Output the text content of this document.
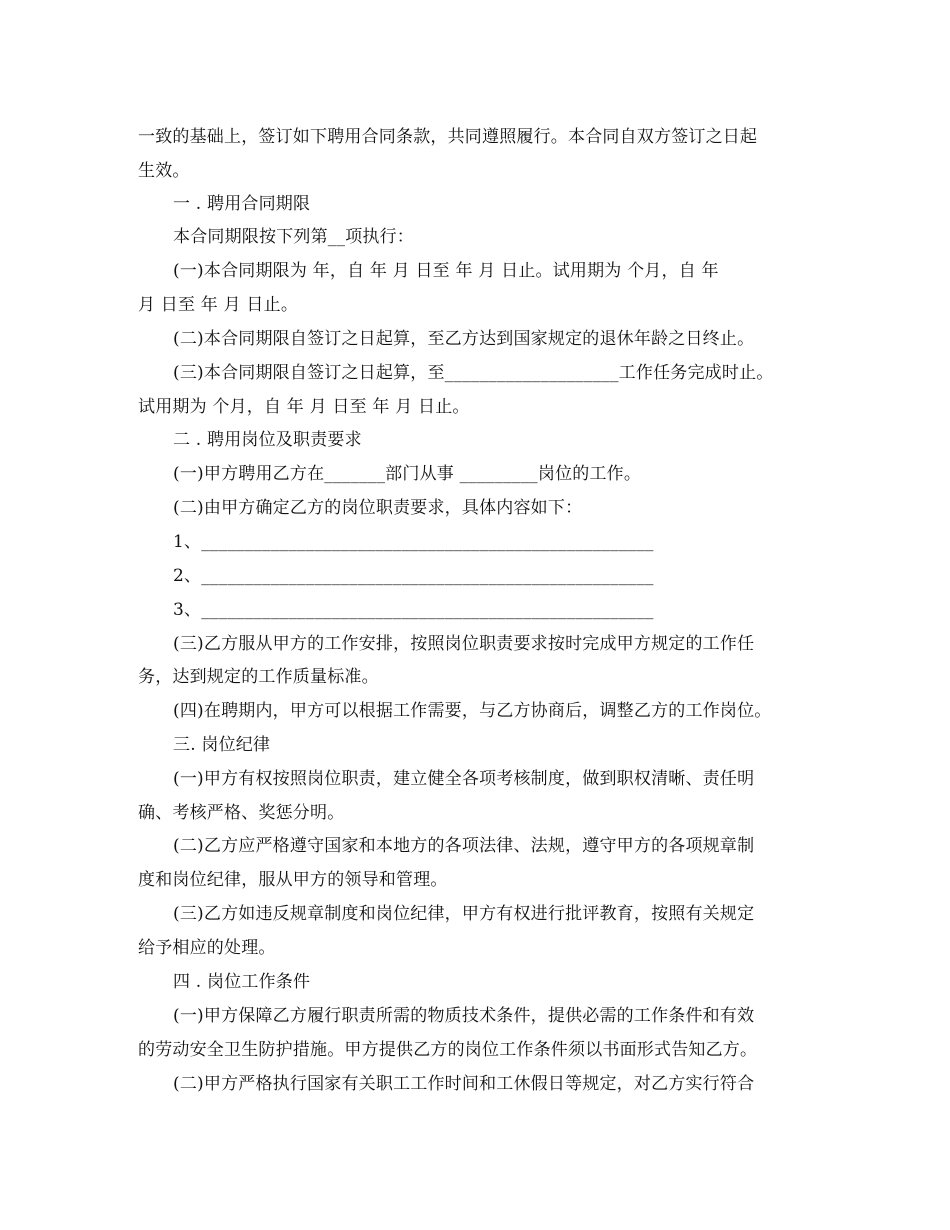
一致的基础上，签订如下聘用合同条款，共同遵照履行。本合同自双方签订之日起
生效。
一 . 聘用合同期限
本合同期限按下列第__项执行：
(一)本合同期限为 年，自 年 月 日至 年 月 日止。试用期为 个月，自 年
月 日至 年 月 日止。
(二)本合同期限自签订之日起算，至乙方达到国家规定的退休年龄之日终止。
(三)本合同期限自签订之日起算，至____________________工作任务完成时止。
试用期为 个月，自 年 月 日至 年 月 日止。
二 . 聘用岗位及职责要求
(一)甲方聘用乙方在_______部门从事 _________岗位的工作。
(二)由甲方确定乙方的岗位职责要求，具体内容如下：
1、____________________________________________________
2、____________________________________________________
3、____________________________________________________
(三)乙方服从甲方的工作安排，按照岗位职责要求按时完成甲方规定的工作任
务，达到规定的工作质量标准。
(四)在聘期内，甲方可以根据工作需要，与乙方协商后，调整乙方的工作岗位。
三. 岗位纪律
(一)甲方有权按照岗位职责，建立健全各项考核制度，做到职权清晰、责任明
确、考核严格、奖惩分明。
(二)乙方应严格遵守国家和本地方的各项法律、法规，遵守甲方的各项规章制
度和岗位纪律，服从甲方的领导和管理。
(三)乙方如违反规章制度和岗位纪律，甲方有权进行批评教育，按照有关规定
给予相应的处理。
四 . 岗位工作条件
(一)甲方保障乙方履行职责所需的物质技术条件，提供必需的工作条件和有效
的劳动安全卫生防护措施。甲方提供乙方的岗位工作条件须以书面形式告知乙方。
(二)甲方严格执行国家有关职工工作时间和工休假日等规定，对乙方实行符合
